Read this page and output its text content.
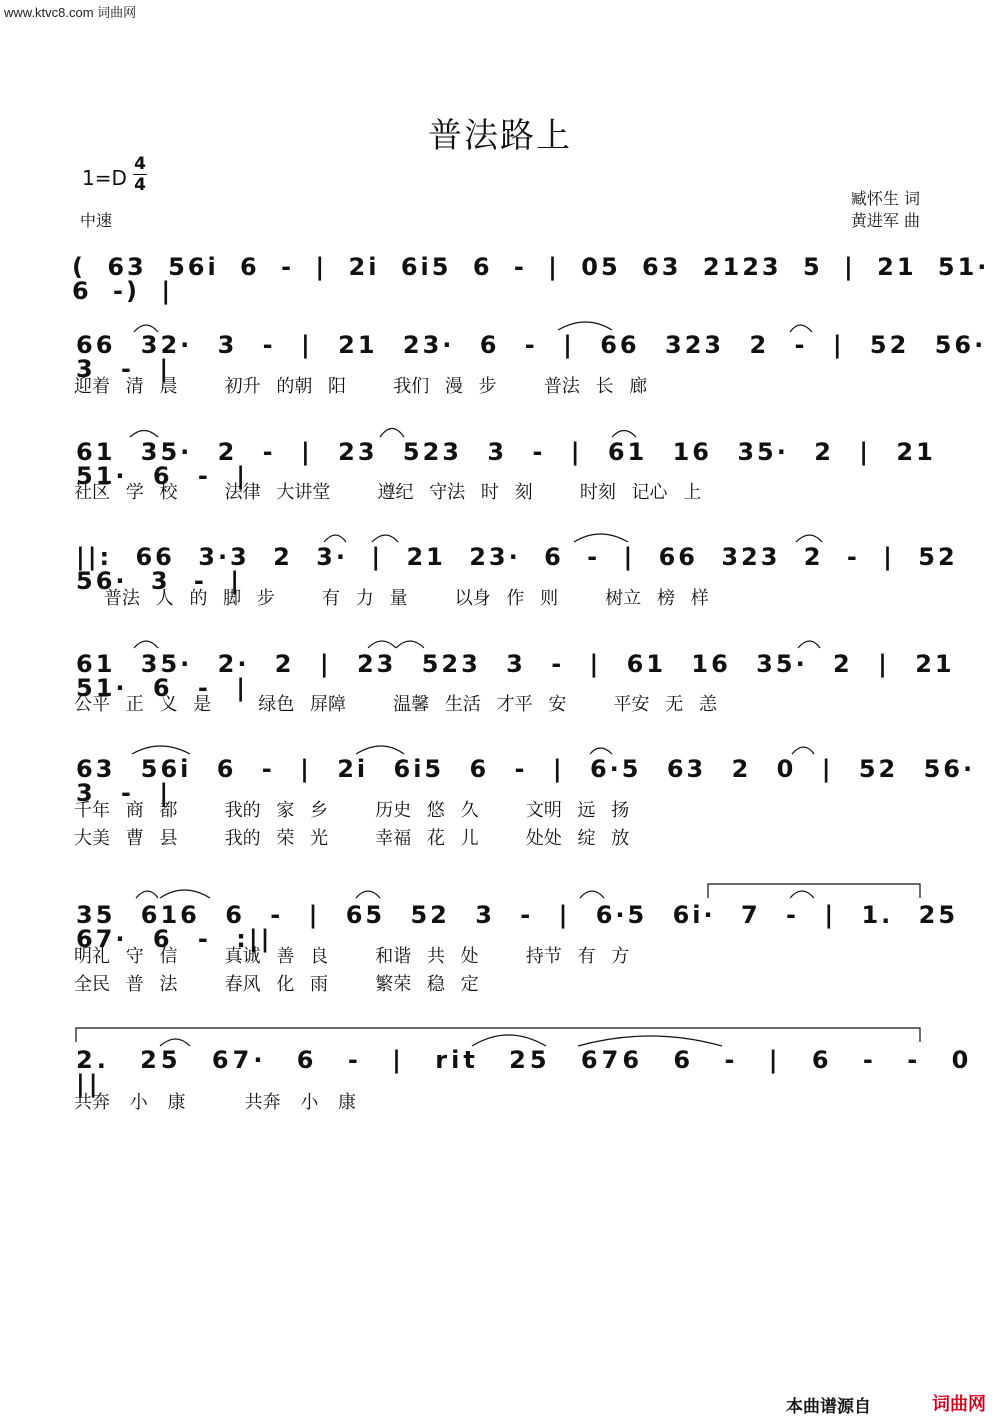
www.ktvc8.com 词曲网
普法路上
1=D
4
4
中速
臧怀生 词
黄进军 曲
( 63 56i 6 - | 2i 6i5 6 - | 05 63 2123 5 | 21 51· 6 -) |
66 32· 3 - | 21 23· 6 - | 66 323 2 - | 52 56· 3 - |
迎着 清 晨   初升 的朝 阳   我们 漫 步   普法 长 廊
61 35· 2 - | 23 523 3 - | 61 16 35· 2 | 21 51· 6 - |
社区 学 校   法律 大讲堂   遵纪 守法 时 刻   时刻 记心 上
||: 66 3·3 2 3· | 21 23· 6 - | 66 323 2 - | 52 56· 3 - |
普法 人 的 脚 步   有 力 量   以身 作 则   树立 榜 样
61 35· 2· 2 | 23 523 3 - | 61 16 35· 2 | 21 51· 6 - |
公平 正 义 是   绿色 屏障   温馨 生活 才平 安   平安 无 恙
63 56i 6 - | 2i 6i5 6 - | 6·5 63 2 0 | 52 56· 3 - |
千年 商 都   我的 家 乡   历史 悠 久   文明 远 扬
大美 曹 县   我的 荣 光   幸福 花 儿   处处 绽 放
35 616 6 - | 65 52 3 - | 6·5 6i· 7 - | 1. 25 67· 6 - :||
明礼 守 信   真诚 善 良   和谐 共 处   持节 有 方
全民 普 法   春风 化 雨   繁荣 稳 定
2. 25 67· 6 - | rit 25 676 6 - | 6 - - 0 ||
共奔 小 康   共奔 小 康
本曲谱源自	词曲网
